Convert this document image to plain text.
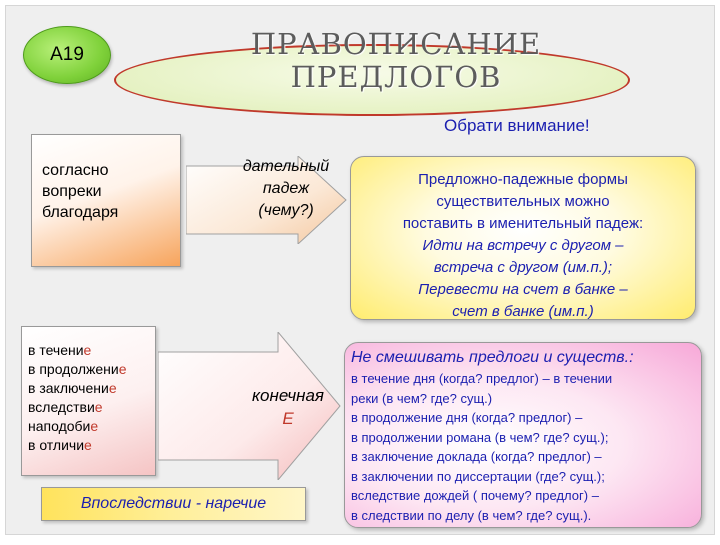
А19	ПРАВОПИСАНИЕ
ПРЕДЛОГОВ
Обрати внимание!
согласно
вопреки
благодаря
дательный
падеж
(чему?)
Предложно-падежные формы
существительных можно
поставить в именительный падеж:
Идти на встречу с другом –
встреча с другом (им.п.);
Перевести на счет в банке –
счет в банке (им.п.)
в течение
в продолжение
в заключение
вследствие
наподобие
в отличие
конечная
Е
Впоследствии - наречие
Не смешивать предлоги и существ.:
в течение дня (когда? предлог) – в течении
реки (в чем? где? сущ.)
в продолжение дня (когда? предлог) –
в продолжении романа (в чем? где? сущ.);
в заключение доклада (когда? предлог) –
в заключении по диссертации (где? сущ.);
вследствие дождей ( почему? предлог) –
в следствии по делу (в чем? где? сущ.).
